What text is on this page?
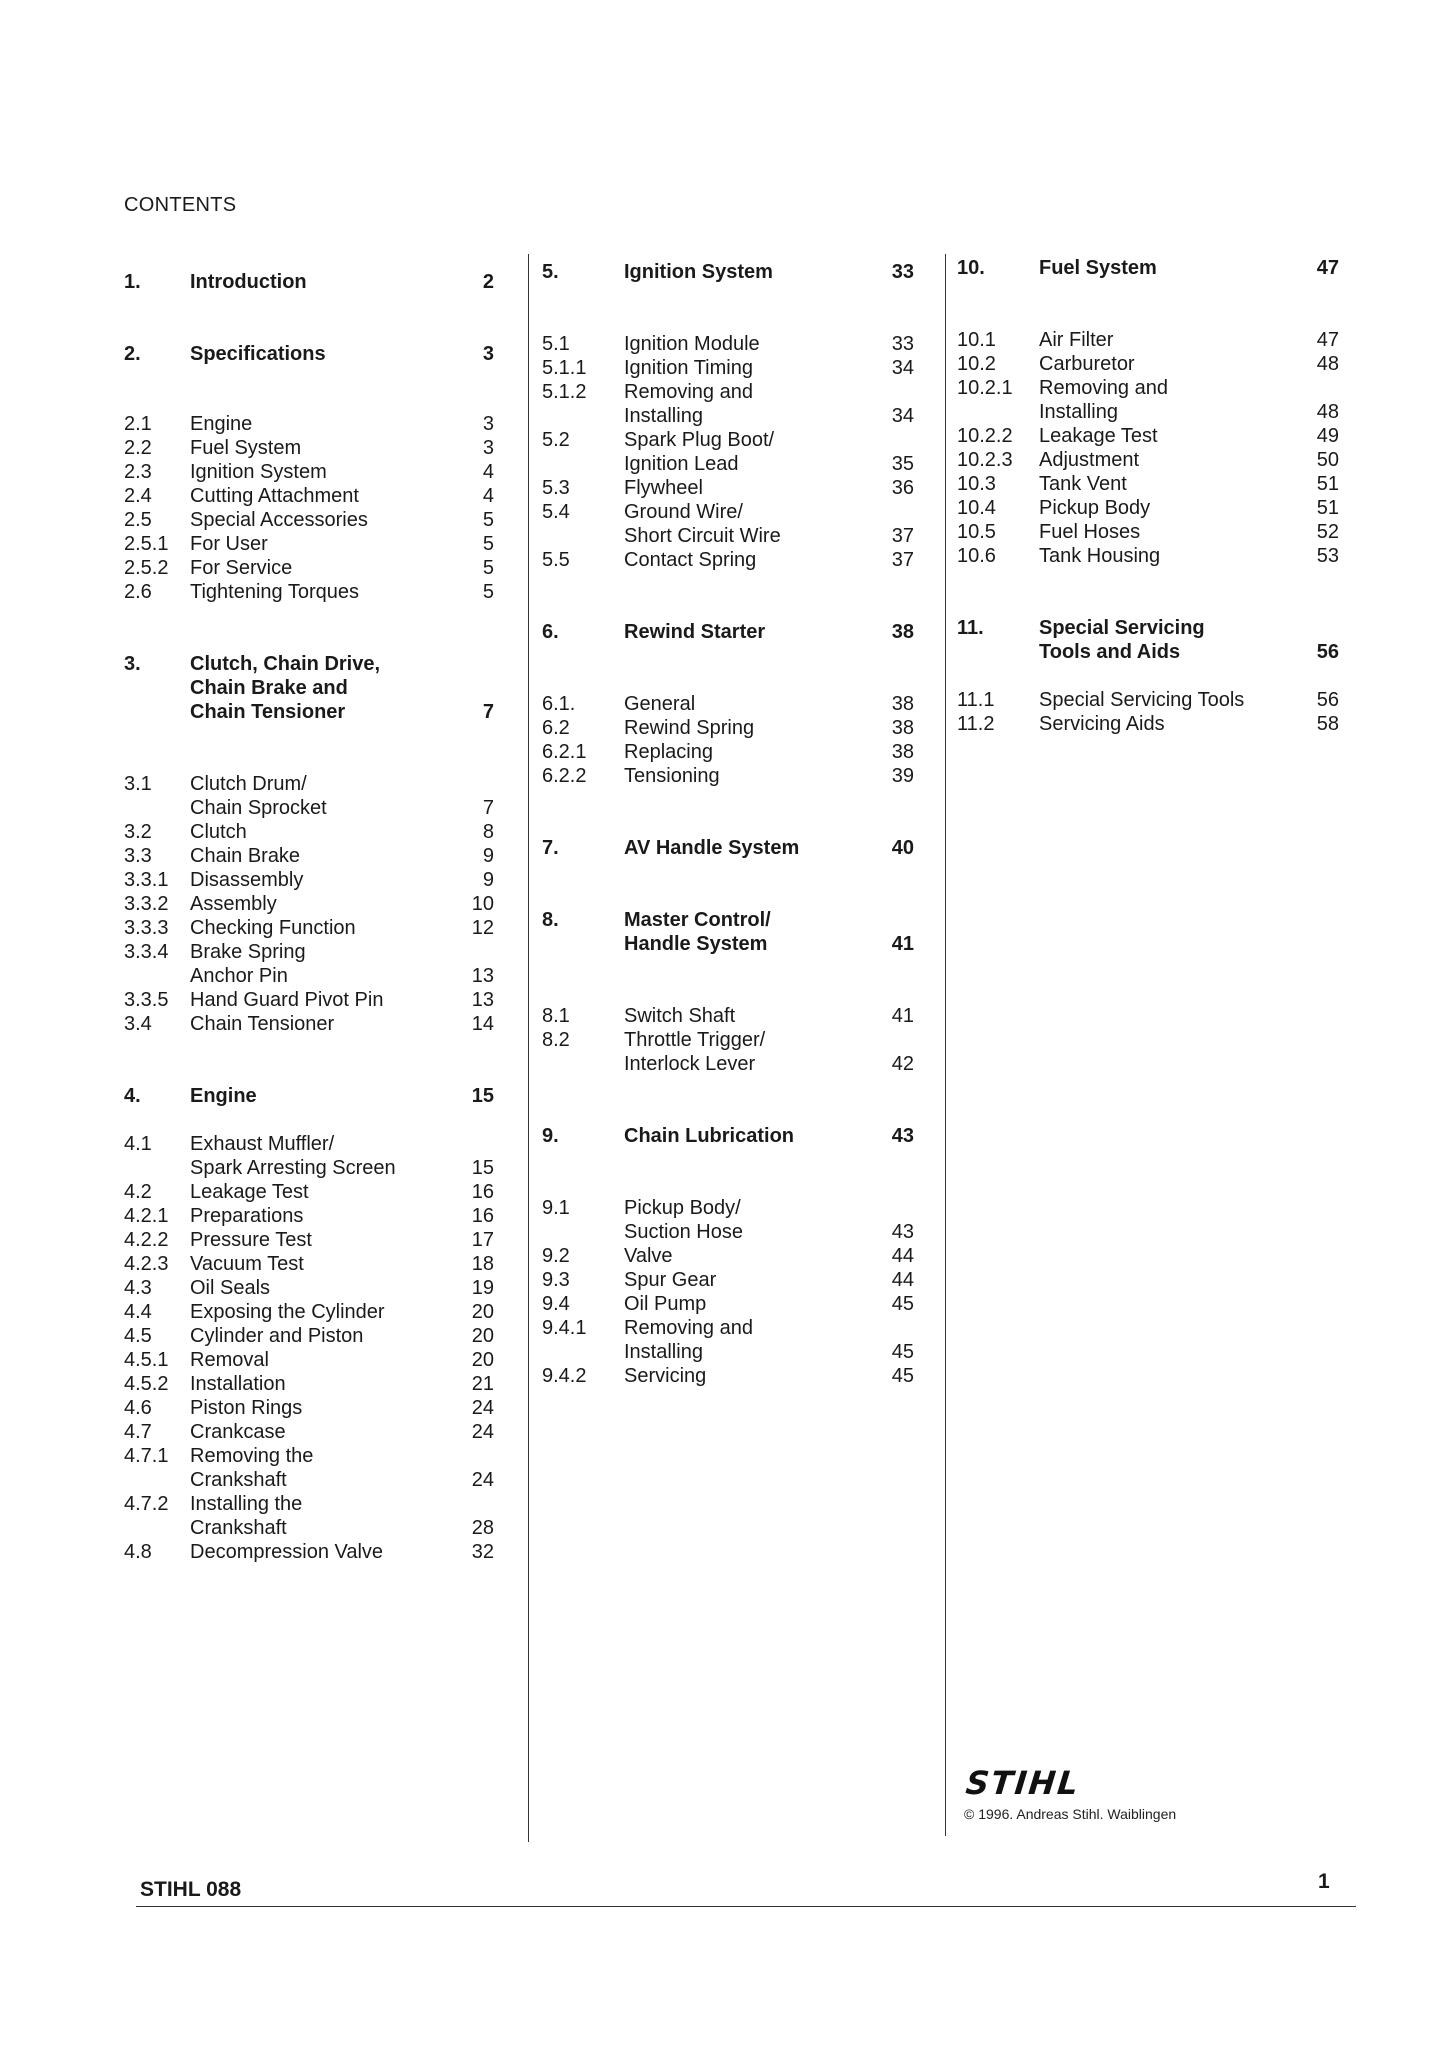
CONTENTS
1. Introduction	2
2. Specifications	3
2.1 Engine	3
2.2 Fuel System	3
2.3 Ignition System	4
2.4 Cutting Attachment	4
2.5 Special Accessories	5
2.5.1 For User	5
2.5.2 For Service	5
2.6 Tightening Torques	5
3. Clutch, Chain Drive,
Chain Brake and
Chain Tensioner	7
3.1 Clutch Drum/
Chain Sprocket	7
3.2 Clutch	8
3.3 Chain Brake	9
3.3.1 Disassembly	9
3.3.2 Assembly	10
3.3.3 Checking Function	12
3.3.4 Brake Spring
Anchor Pin	13
3.3.5 Hand Guard Pivot Pin	13
3.4 Chain Tensioner	14
4. Engine	15
4.1 Exhaust Muffler/
Spark Arresting Screen	15
4.2 Leakage Test	16
4.2.1 Preparations	16
4.2.2 Pressure Test	17
4.2.3 Vacuum Test	18
4.3 Oil Seals	19
4.4 Exposing the Cylinder	20
4.5 Cylinder and Piston	20
4.5.1 Removal	20
4.5.2 Installation	21
4.6 Piston Rings	24
4.7 Crankcase	24
4.7.1 Removing the
Crankshaft	24
4.7.2 Installing the
Crankshaft	28
4.8 Decompression Valve	32
5.	Ignition System	33
5.1	Ignition Module	33
5.1.1 Ignition Timing	34
5.1.2 Removing and
Installing	34
5.2	Spark Plug Boot/
Ignition Lead	35
5.3	Flywheel	36
5.4	Ground Wire/
Short Circuit Wire	37
5.5	Contact Spring	37
6.	Rewind Starter	38
6.1. General	38
6.2	Rewind Spring	38
6.2.1 Replacing	38
6.2.2 Tensioning	39
7.	AV Handle System	40
8.	Master Control/
Handle System	41
8.1	Switch Shaft	41
8.2	Throttle Trigger/
Interlock Lever	42
9.	Chain Lubrication	43
9.1	Pickup Body/
Suction Hose	43
9.2	Valve	44
9.3	Spur Gear	44
9.4	Oil Pump	45
9.4.1 Removing and
Installing	45
9.4.2 Servicing	45
10.	Fuel System	47
10.1 Air Filter	47
10.2 Carburetor	48
10.2.1 Removing and
Installing	48
10.2.2 Leakage Test	49
10.2.3 Adjustment	50
10.3 Tank Vent	51
10.4 Pickup Body	51
10.5 Fuel Hoses	52
10.6 Tank Housing	53
11.	Special Servicing
Tools and Aids	56
11.1 Special Servicing Tools	56
11.2 Servicing Aids	58
STIHL
© 1996. Andreas Stihl. Waiblingen
STIHL 088	1
